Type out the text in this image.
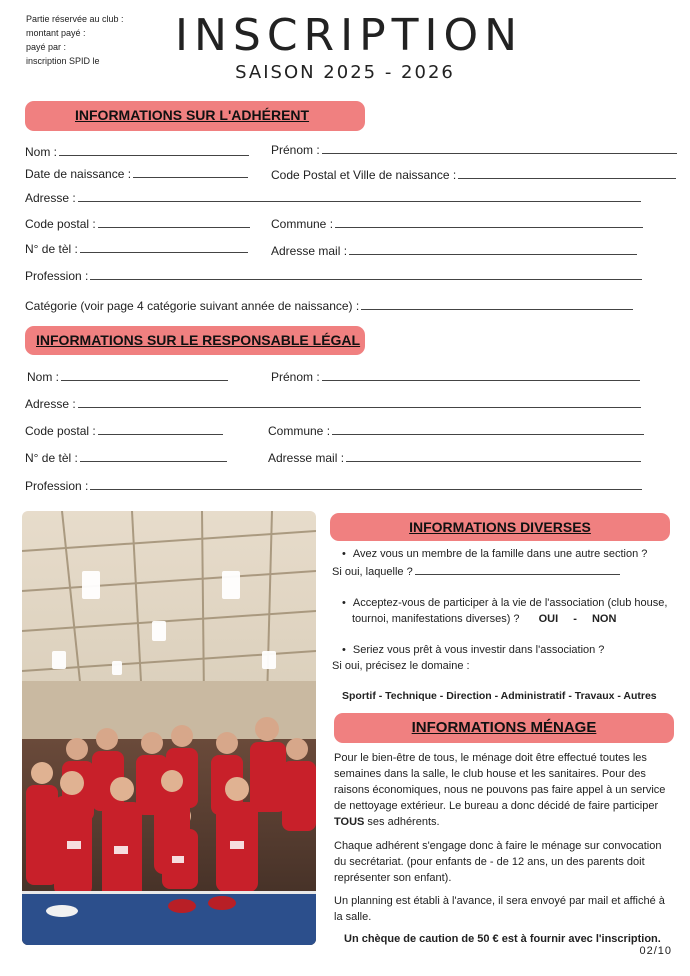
Partie réservée au club :
montant payé :
payé par :
inscription SPID le	INSCRIPTION
SAISON 2025 - 2026
INFORMATIONS SUR L'ADHÉRENT
Nom :	Prénom :
Date de naissance :	Code Postal et Ville de naissance :
Adresse :
Code postal :	Commune :
N° de tèl :	Adresse mail :
Profession :
Catégorie (voir page 4 catégorie suivant année de naissance) :
INFORMATIONS SUR LE RESPONSABLE LÉGAL
Nom :	Prénom :
Adresse :
Code postal :	Commune :
N° de tèl :	Adresse mail :
Profession :
INFORMATIONS DIVERSES
• Avez vous un membre de la famille dans une autre section ?
Si oui, laquelle ?
• Acceptez-vous de participer à la vie de l'association (club house,
tournoi, manifestations diverses) ? OUI - NON
• Seriez vous prêt à vous investir dans l'association ?
Si oui, précisez le domaine :
Sportif - Technique - Direction - Administratif - Travaux - Autres
INFORMATIONS MÉNAGE
Pour le bien-être de tous, le ménage doit être effectué toutes les
semaines dans la salle, le club house et les sanitaires. Pour des
raisons économiques, nous ne pouvons pas faire appel à un service
de nettoyage extérieur. Le bureau a donc décidé de faire participer
TOUS ses adhérents.
Chaque adhérent s'engage donc à faire le ménage sur convocation
du secrétariat. (pour enfants de - de 12 ans, un des parents doit
représenter son enfant).
Un planning est établi à l'avance, il sera envoyé par mail et affiché à
la salle.
Un chèque de caution de 50 € est à fournir avec l'inscription.
02/10
